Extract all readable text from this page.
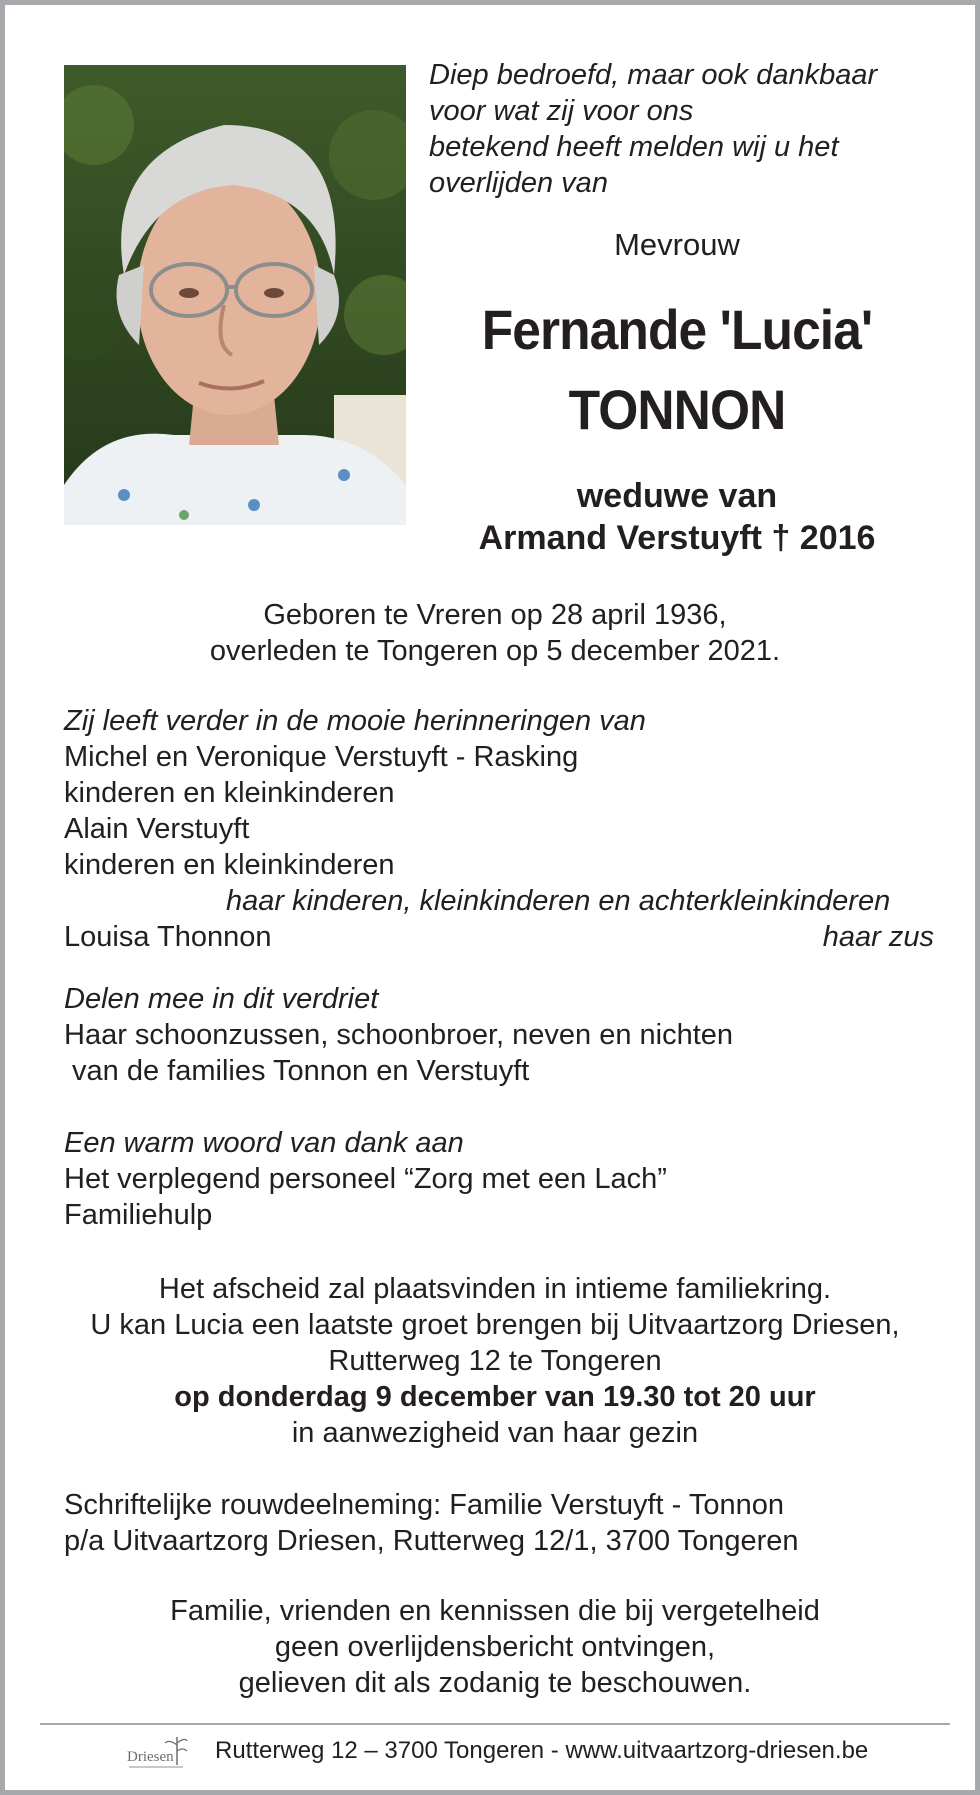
Diep bedroefd, maar ook dankbaar
voor wat zij voor ons
betekend heeft melden wij u het
overlijden van
Mevrouw
Fernande 'Lucia'
TONNON
weduwe van
Armand Verstuyft † 2016
Geboren te Vreren op 28 april 1936,
overleden te Tongeren op 5 december 2021.
Zij leeft verder in de mooie herinneringen van
Michel en Veronique Verstuyft - Rasking
kinderen en kleinkinderen
Alain Verstuyft
kinderen en kleinkinderen
haar kinderen, kleinkinderen en achterkleinkinderen
Louisa Thonnon	haar zus
Delen mee in dit verdriet
Haar schoonzussen, schoonbroer, neven en nichten
van de families Tonnon en Verstuyft
Een warm woord van dank aan
Het verplegend personeel “Zorg met een Lach”
Familiehulp
Het afscheid zal plaatsvinden in intieme familiekring.
U kan Lucia een laatste groet brengen bij Uitvaartzorg Driesen,
Rutterweg 12 te Tongeren
op donderdag 9 december van 19.30 tot 20 uur
in aanwezigheid van haar gezin
Schriftelijke rouwdeelneming: Familie Verstuyft - Tonnon
p/a Uitvaartzorg Driesen, Rutterweg 12/1, 3700 Tongeren
Familie, vrienden en kennissen die bij vergetelheid
geen overlijdensbericht ontvingen,
gelieven dit als zodanig te beschouwen.
Driesen Rutterweg 12 – 3700 Tongeren - www.uitvaartzorg-driesen.be
